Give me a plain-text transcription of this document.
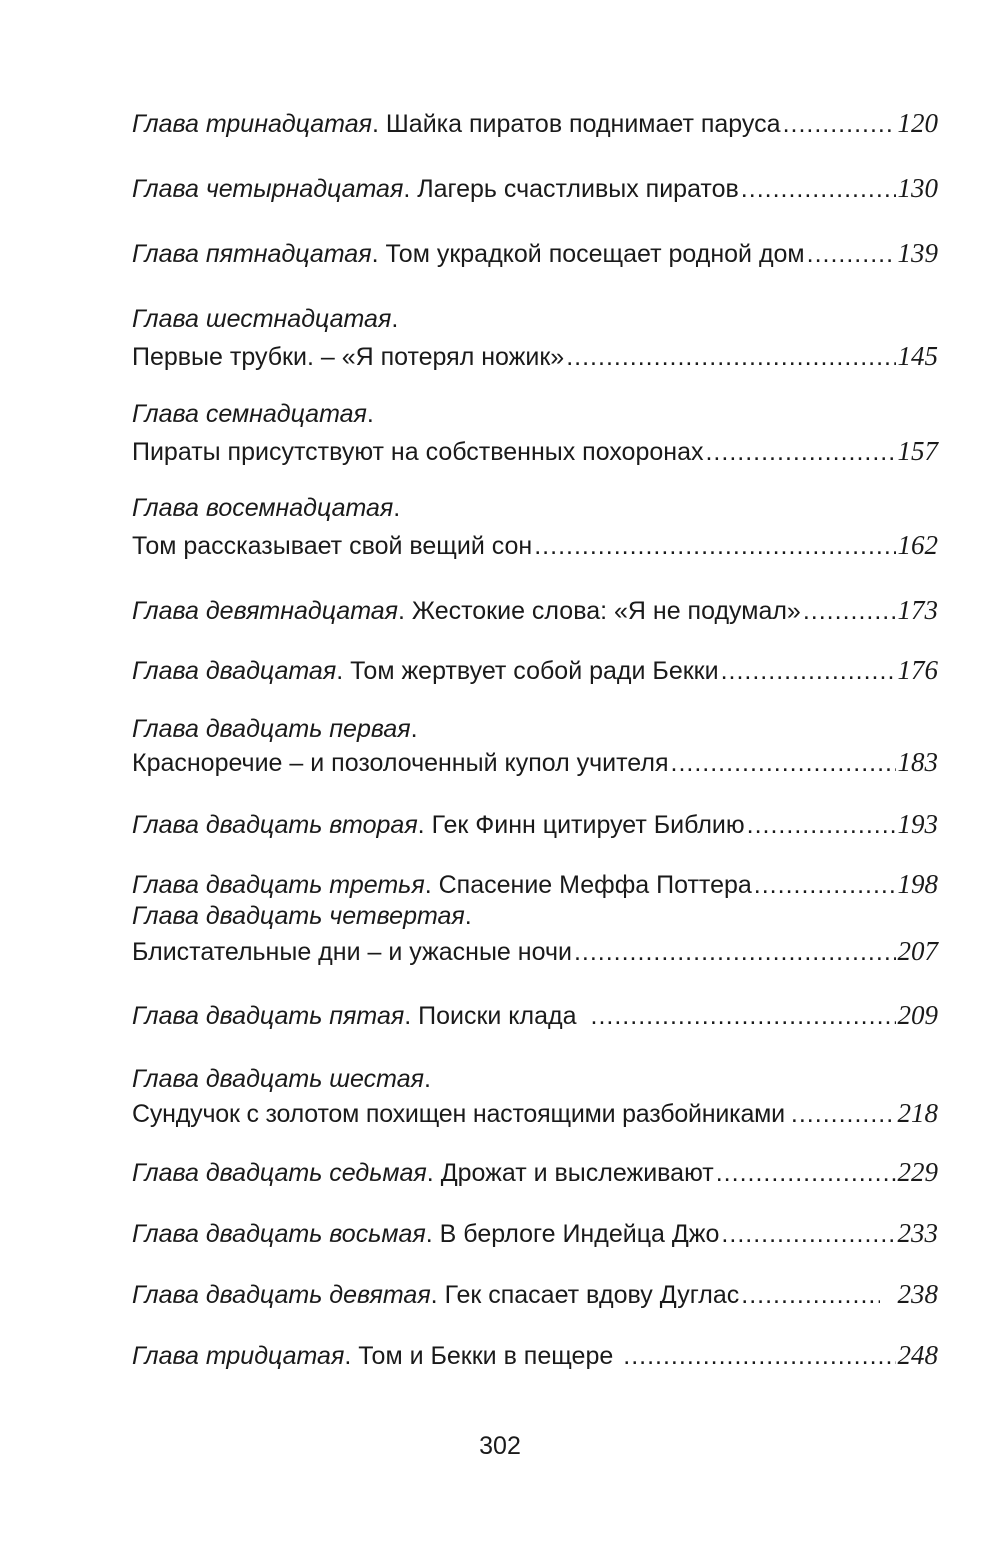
Глава тринадцатая . Шайка пиратов поднимает паруса .....	120
Глава четырнадцатая . Лагерь счастливых пиратов .....	130
Глава пятнадцатая . Том украдкой посещает родной дом .....	139
Глава шестнадцатая .
Первые трубки. – «Я потерял ножик» .....	145
Глава семнадцатая .
Пираты присутствуют на собственных похоронах .....	157
Глава восемнадцатая .
Том рассказывает свой вещий сон .....	162
Глава девятнадцатая . Жестокие слова: «Я не подумал» .....	173
Глава двадцатая . Том жертвует собой ради Бекки .....	176
Глава двадцать первая .
Красноречие – и позолоченный купол учителя .....	183
Глава двадцать вторая . Гек Финн цитирует Библию .....	193
Глава двадцать третья . Спасение Меффа Поттера .....	198
Глава двадцать четвертая .
Блистательные дни – и ужасные ночи .....	207
Глава двадцать пятая . Поиски клада .....	209
Глава двадцать шестая .
Сундучок с золотом похищен настоящими разбойниками .....	218
Глава двадцать седьмая . Дрожат и выслеживают .....	229
Глава двадцать восьмая . В берлоге Индейца Джо .....	233
Глава двадцать девятая . Гек спасает вдову Дуглас .....	238
Глава тридцатая . Том и Бекки в пещере .....	248
302
